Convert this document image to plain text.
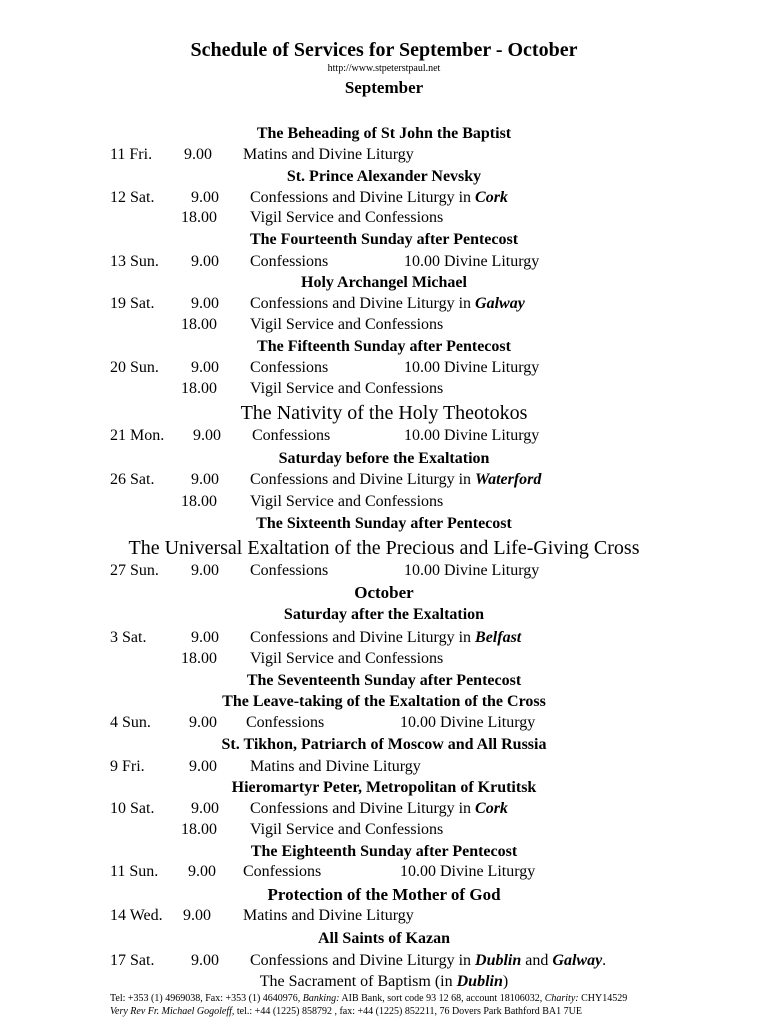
Schedule of Services for September - October
http://www.stpeterstpaul.net
September
The Beheading of St John the Baptist
11 Fri. 9.00 Matins and Divine Liturgy
St. Prince Alexander Nevsky
12 Sat. 9.00 Confessions and Divine Liturgy in Cork
18.00 Vigil Service and Confessions
The Fourteenth Sunday after Pentecost
13 Sun. 9.00 Confessions	10.00 Divine Liturgy
Holy Archangel Michael
19 Sat. 9.00 Confessions and Divine Liturgy in Galway
18.00 Vigil Service and Confessions
The Fifteenth Sunday after Pentecost
20 Sun. 9.00 Confessions	10.00 Divine Liturgy
18.00 Vigil Service and Confessions
The Nativity of the Holy Theotokos
21 Mon. 9.00 Confessions	10.00 Divine Liturgy
Saturday before the Exaltation
26 Sat. 9.00 Confessions and Divine Liturgy in Waterford
18.00 Vigil Service and Confessions
The Sixteenth Sunday after Pentecost
The Universal Exaltation of the Precious and Life-Giving Cross
27 Sun. 9.00 Confessions	10.00 Divine Liturgy
October
Saturday after the Exaltation
3 Sat.	9.00 Confessions and Divine Liturgy in Belfast
18.00 Vigil Service and Confessions
The Seventeenth Sunday after Pentecost
The Leave-taking of the Exaltation of the Cross
4 Sun. 9.00 Confessions	10.00 Divine Liturgy
St. Tikhon, Patriarch of Moscow and All Russia
9 Fri.	9.00 Matins and Divine Liturgy
Hieromartyr Peter, Metropolitan of Krutitsk
10 Sat. 9.00 Confessions and Divine Liturgy in Cork
18.00 Vigil Service and Confessions
The Eighteenth Sunday after Pentecost
11 Sun. 9.00 Confessions	10.00 Divine Liturgy
Protection of the Mother of God
14 Wed. 9.00 Matins and Divine Liturgy
All Saints of Kazan
17 Sat. 9.00 Confessions and Divine Liturgy in Dublin and Galway.
The Sacrament of Baptism (in Dublin)
Tel: +353 (1) 4969038, Fax: +353 (1) 4640976, Banking: AIB Bank, sort code 93 12 68, account 18106032, Charity: CHY14529
Very Rev Fr. Michael Gogoleff, tel.: +44 (1225) 858792 , fax: +44 (1225) 852211, 76 Dovers Park Bathford BA1 7UE
